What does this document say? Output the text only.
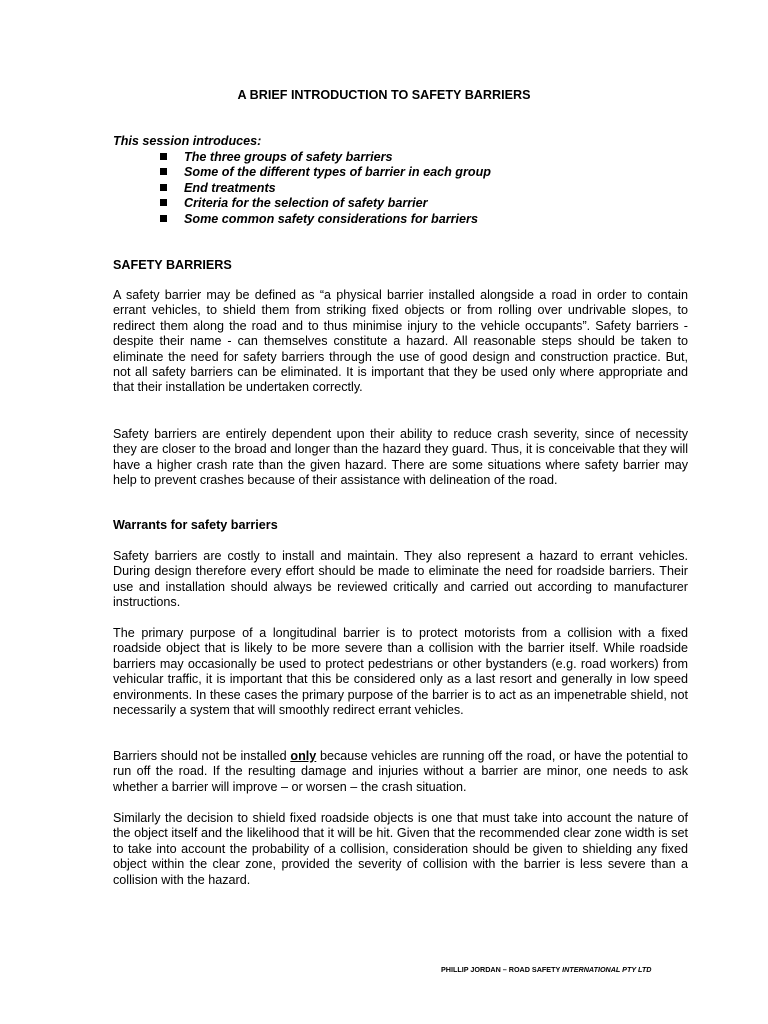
A BRIEF INTRODUCTION TO SAFETY BARRIERS
This session introduces:
The three groups of safety barriers
Some of the different types of barrier in each group
End treatments
Criteria for the selection of safety barrier
Some common safety considerations for barriers
SAFETY BARRIERS
A safety barrier may be defined as “a physical barrier installed alongside a road in order to contain errant vehicles, to shield them from striking fixed objects or from rolling over undrivable slopes, to redirect them along the road and to thus minimise injury to the vehicle occupants”. Safety barriers - despite their name - can themselves constitute a hazard. All reasonable steps should be taken to eliminate the need for safety barriers through the use of good design and construction practice. But, not all safety barriers can be eliminated. It is important that they be used only where appropriate and that their installation be undertaken correctly.
Safety barriers are entirely dependent upon their ability to reduce crash severity, since of necessity they are closer to the broad and longer than the hazard they guard. Thus, it is conceivable that they will have a higher crash rate than the given hazard. There are some situations where safety barrier may help to prevent crashes because of their assistance with delineation of the road.
Warrants for safety barriers
Safety barriers are costly to install and maintain. They also represent a hazard to errant vehicles. During design therefore every effort should be made to eliminate the need for roadside barriers. Their use and installation should always be reviewed critically and carried out according to manufacturer instructions.
The primary purpose of a longitudinal barrier is to protect motorists from a collision with a fixed roadside object that is likely to be more severe than a collision with the barrier itself. While roadside barriers may occasionally be used to protect pedestrians or other bystanders (e.g. road workers) from vehicular traffic, it is important that this be considered only as a last resort and generally in low speed environments. In these cases the primary purpose of the barrier is to act as an impenetrable shield, not necessarily a system that will smoothly redirect errant vehicles.
Barriers should not be installed only because vehicles are running off the road, or have the potential to run off the road. If the resulting damage and injuries without a barrier are minor, one needs to ask whether a barrier will improve – or worsen – the crash situation.
Similarly the decision to shield fixed roadside objects is one that must take into account the nature of the object itself and the likelihood that it will be hit. Given that the recommended clear zone width is set to take into account the probability of a collision, consideration should be given to shielding any fixed object within the clear zone, provided the severity of collision with the barrier is less severe than a collision with the hazard.
PHILLIP JORDAN – ROAD SAFETY INTERNATIONAL PTY LTD
